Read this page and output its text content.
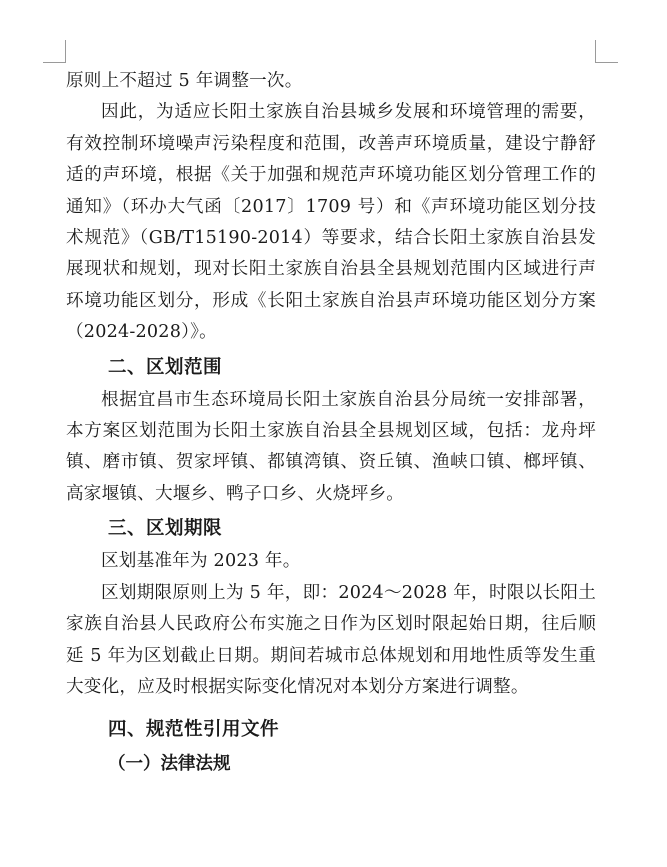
原则上不超过 5 年调整一次。

因此，为适应长阳土家族自治县城乡发展和环境管理的需要，有效控制环境噪声污染程度和范围，改善声环境质量，建设宁静舒适的声环境，根据《关于加强和规范声环境功能区划分管理工作的通知》（环办大气函〔2017〕1709 号）和《声环境功能区划分技术规范》（GB/T15190-2014）等要求，结合长阳土家族自治县发展现状和规划，现对长阳土家族自治县全县规划范围内区域进行声环境功能区划分，形成《长阳土家族自治县声环境功能区划分方案（2024-2028）》。

二、区划范围

根据宜昌市生态环境局长阳土家族自治县分局统一安排部署，本方案区划范围为长阳土家族自治县全县规划区域，包括：龙舟坪镇、磨市镇、贺家坪镇、都镇湾镇、资丘镇、渔峡口镇、榔坪镇、高家堰镇、大堰乡、鸭子口乡、火烧坪乡。

三、区划期限

区划基准年为 2023 年。

区划期限原则上为 5 年，即：2024～2028 年，时限以长阳土家族自治县人民政府公布实施之日作为区划时限起始日期，往后顺延 5 年为区划截止日期。期间若城市总体规划和用地性质等发生重大变化，应及时根据实际变化情况对本划分方案进行调整。

四、规范性引用文件
（一）法律法规
